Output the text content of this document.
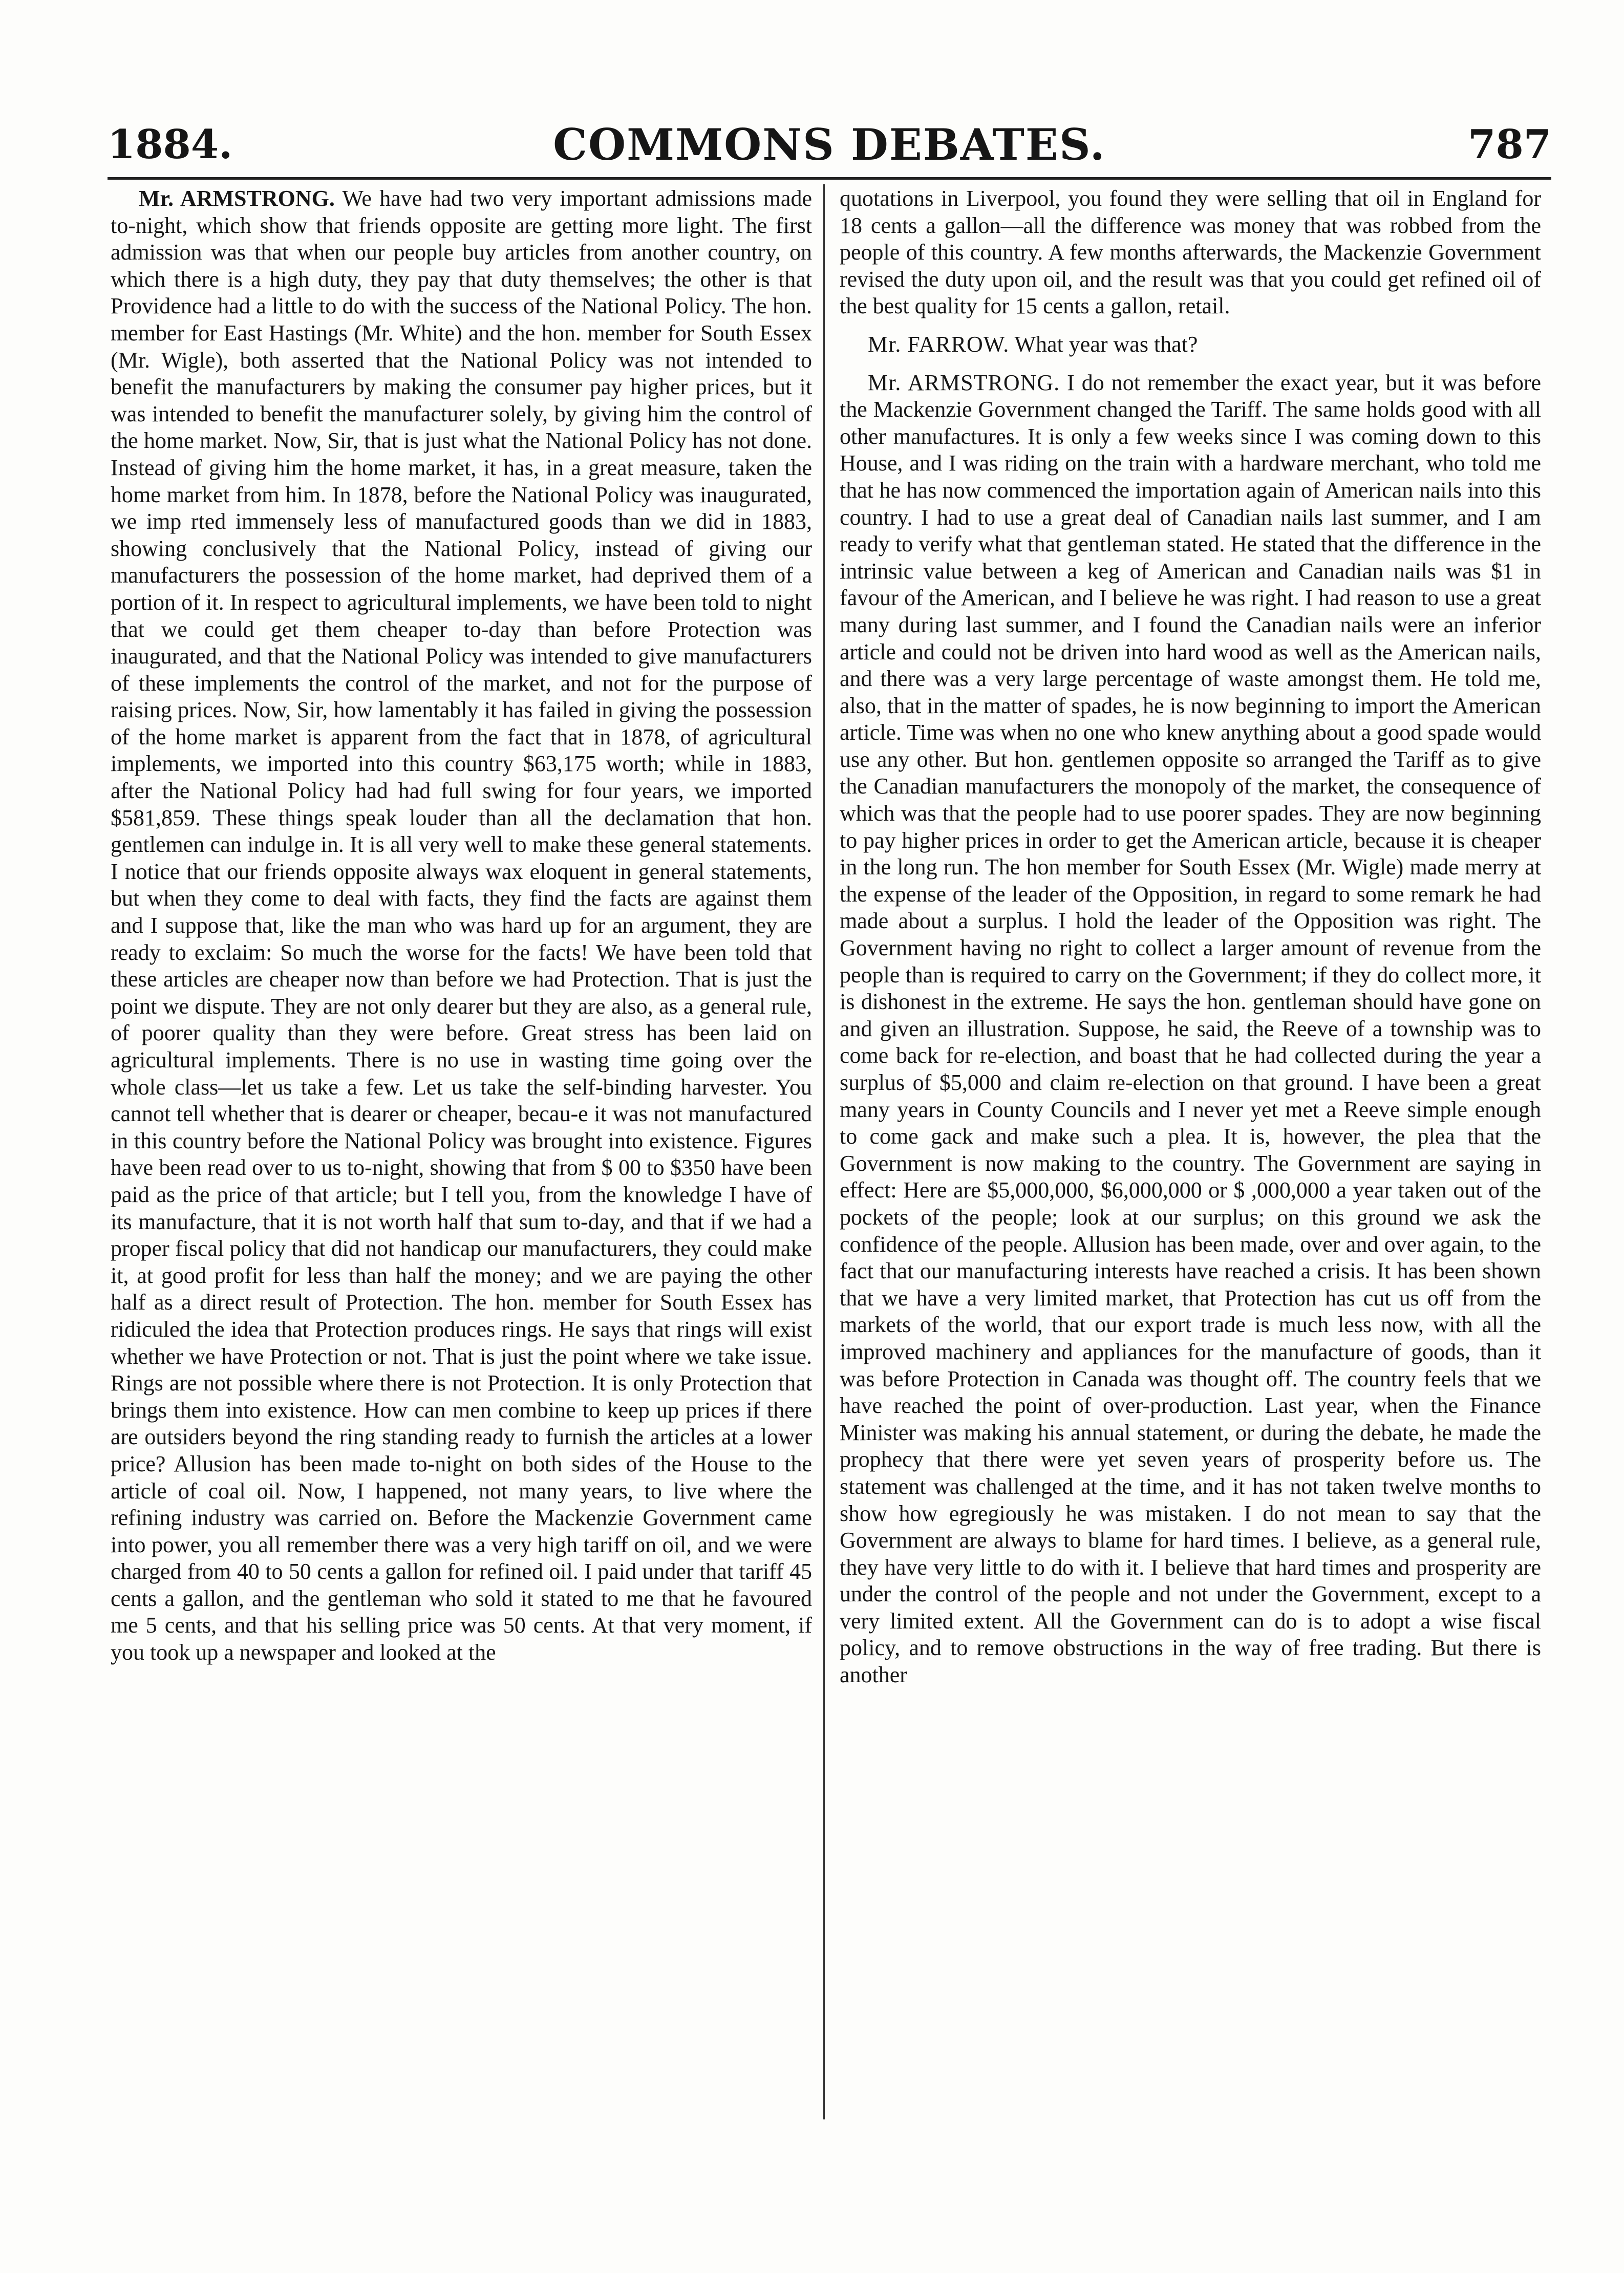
COMMONS DEBATES.
1884.	787

Mr. ARMSTRONG. We have had two very important admissions made to-night, which show that friends opposite are getting more light. The first admission was that when our people buy articles from another country, on which there is a high duty, they pay that duty themselves; the other is that Providence had a little to do with the success of the National Policy. The hon. member for East Hastings (Mr. White) and the hon. member for South Essex (Mr. Wigle), both asserted that the National Policy was not intended to benefit the manufacturers by making the consumer pay higher prices, but it was intended to benefit the manufacturer solely, by giving him the control of the home market. Now, Sir, that is just what the National Policy has not done. Instead of giving him the home market, it has, in a great measure, taken the home market from him. In 1878, before the National Policy was inaugurated, we imp rted immensely less of manufactured goods than we did in 1883, showing conclusively that the National Policy, instead of giving our manufacturers the possession of the home market, had deprived them of a portion of it. In respect to agricultural implements, we have been told to night that we could get them cheaper to-day than before Protection was inaugurated, and that the National Policy was intended to give manufacturers of these implements the control of the market, and not for the purpose of raising prices. Now, Sir, how lamentably it has failed in giving the possession of the home market is apparent from the fact that in 1878, of agricultural implements, we imported into this country $63,175 worth; while in 1883, after the National Policy had had full swing for four years, we imported $581,859. These things speak louder than all the declamation that hon. gentlemen can indulge in. It is all very well to make these general statements. I notice that our friends opposite always wax eloquent in general statements, but when they come to deal with facts, they find the facts are against them and I suppose that, like the man who was hard up for an argument, they are ready to exclaim: So much the worse for the facts! We have been told that these articles are cheaper now than before we had Protection. That is just the point we dispute. They are not only dearer but they are also, as a general rule, of poorer quality than they were before. Great stress has been laid on agricultural implements. There is no use in wasting time going over the whole class—let us take a few. Let us take the self-binding harvester. You cannot tell whether that is dearer or cheaper, becau-e it was not manufactured in this country before the National Policy was brought into existence. Figures have been read over to us to-night, showing that from $ 00 to $350 have been paid as the price of that article; but I tell you, from the knowledge I have of its manufacture, that it is not worth half that sum to-day, and that if we had a proper fiscal policy that did not handicap our manufacturers, they could make it, at good profit for less than half the money; and we are paying the other half as a direct result of Protection. The hon. member for South Essex has ridiculed the idea that Protection produces rings. He says that rings will exist whether we have Protection or not. That is just the point where we take issue. Rings are not possible where there is not Protection. It is only Protection that brings them into existence. How can men combine to keep up prices if there are outsiders beyond the ring standing ready to furnish the articles at a lower price? Allusion has been made to-night on both sides of the House to the article of coal oil. Now, I happened, not many years, to live where the refining industry was carried on. Before the Mackenzie Government came into power, you all remember there was a very high tariff on oil, and we were charged from 40 to 50 cents a gallon for refined oil. I paid under that tariff 45 cents a gallon, and the gentleman who sold it stated to me that he favoured me 5 cents, and that his selling price was 50 cents. At that very moment, if you took up a newspaper and looked at the

quotations in Liverpool, you found they were selling that oil in England for 18 cents a gallon—all the difference was money that was robbed from the people of this country. A few months afterwards, the Mackenzie Government revised the duty upon oil, and the result was that you could get refined oil of the best quality for 15 cents a gallon, retail.

Mr. FARROW. What year was that?

Mr. ARMSTRONG. I do not remember the exact year, but it was before the Mackenzie Government changed the Tariff. The same holds good with all other manufactures. It is only a few weeks since I was coming down to this House, and I was riding on the train with a hardware merchant, who told me that he has now commenced the importation again of American nails into this country. I had to use a great deal of Canadian nails last summer, and I am ready to verify what that gentleman stated. He stated that the difference in the intrinsic value between a keg of American and Canadian nails was $1 in favour of the American, and I believe he was right. I had reason to use a great many during last summer, and I found the Canadian nails were an inferior article and could not be driven into hard wood as well as the American nails, and there was a very large percentage of waste amongst them. He told me, also, that in the matter of spades, he is now beginning to import the American article. Time was when no one who knew anything about a good spade would use any other. But hon. gentlemen opposite so arranged the Tariff as to give the Canadian manufacturers the monopoly of the market, the consequence of which was that the people had to use poorer spades. They are now beginning to pay higher prices in order to get the American article, because it is cheaper in the long run. The hon member for South Essex (Mr. Wigle) made merry at the expense of the leader of the Opposition, in regard to some remark he had made about a surplus. I hold the leader of the Opposition was right. The Government having no right to collect a larger amount of revenue from the people than is required to carry on the Government; if they do collect more, it is dishonest in the extreme. He says the hon. gentleman should have gone on and given an illustration. Suppose, he said, the Reeve of a township was to come back for re-election, and boast that he had collected during the year a surplus of $5,000 and claim re-election on that ground. I have been a great many years in County Councils and I never yet met a Reeve simple enough to come gack and make such a plea. It is, however, the plea that the Government is now making to the country. The Government are saying in effect: Here are $5,000,000, $6,000,000 or $ ,000,000 a year taken out of the pockets of the people; look at our surplus; on this ground we ask the confidence of the people. Allusion has been made, over and over again, to the fact that our manufacturing interests have reached a crisis. It has been shown that we have a very limited market, that Protection has cut us off from the markets of the world, that our export trade is much less now, with all the improved machinery and appliances for the manufacture of goods, than it was before Protection in Canada was thought off. The country feels that we have reached the point of over-production. Last year, when the Finance Minister was making his annual statement, or during the debate, he made the prophecy that there were yet seven years of prosperity before us. The statement was challenged at the time, and it has not taken twelve months to show how egregiously he was mistaken. I do not mean to say that the Government are always to blame for hard times. I believe, as a general rule, they have very little to do with it. I believe that hard times and prosperity are under the control of the people and not under the Government, except to a very limited extent. All the Government can do is to adopt a wise fiscal policy, and to remove obstructions in the way of free trading. But there is another
